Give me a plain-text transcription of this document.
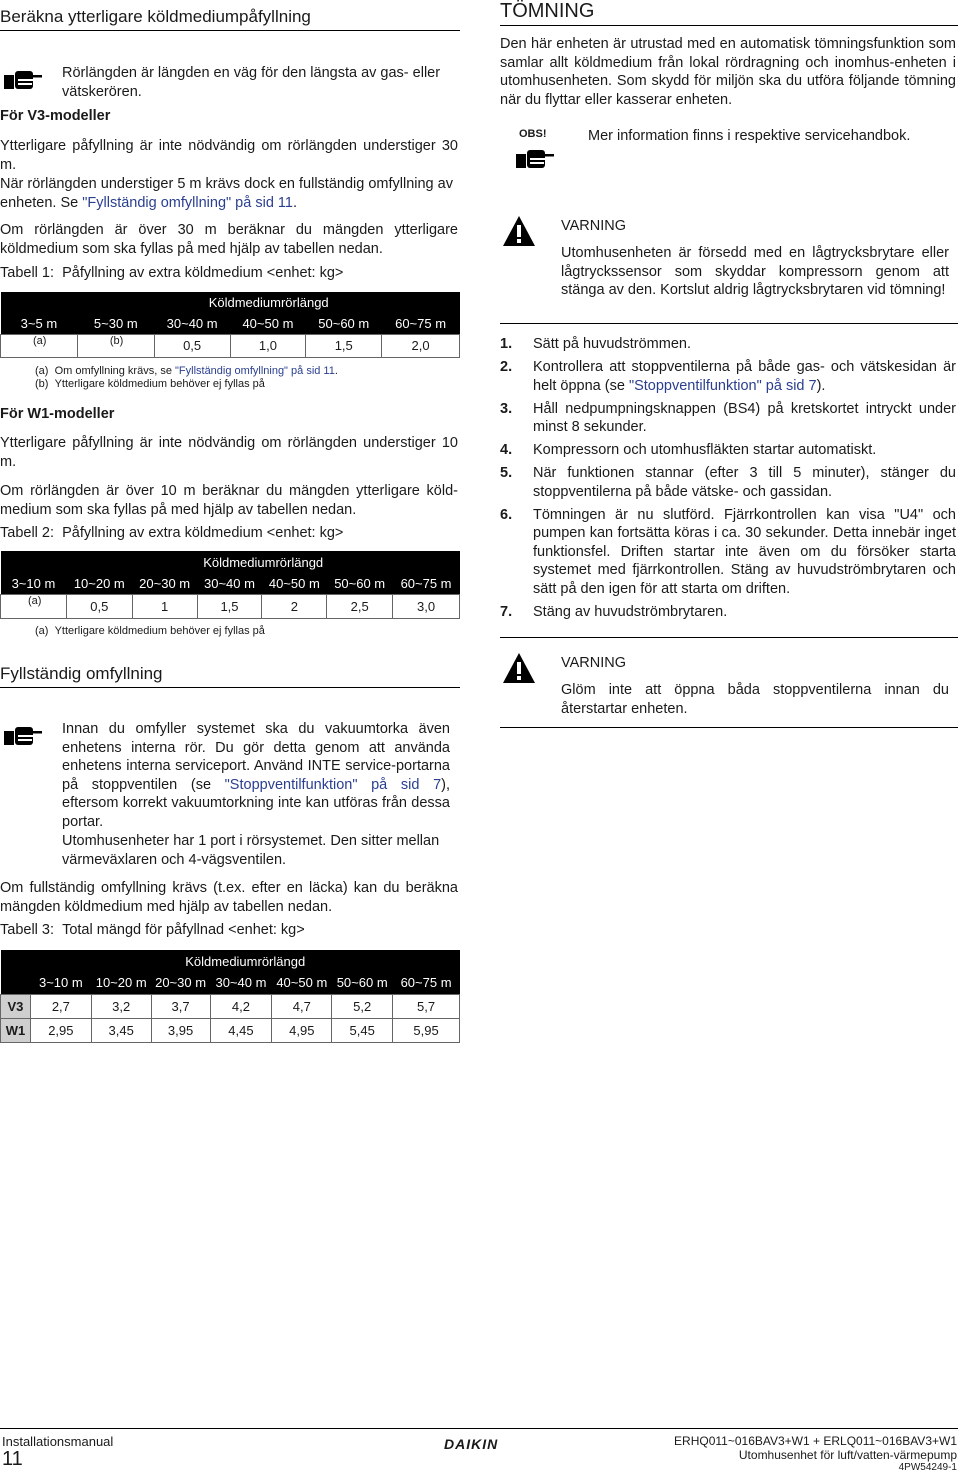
Beräkna ytterligare köldmediumpåfyllning

Rörlängden är längden en väg för den längsta av gas- eller vätskerören.

För V3-modeller

Ytterligare påfyllning är inte nödvändig om rörlängden understiger 30 m.

När rörlängden understiger 5 m krävs dock en fullständig omfyllning av enheten. Se "Fyllständig omfyllning" på sid 11.

Om rörlängden är över 30 m beräknar du mängden ytterligare köldmedium som ska fyllas på med hjälp av tabellen nedan.

Tabell 1: Påfyllning av extra köldmedium <enhet: kg>
	Köldmediumrörlängd				
3~5 m	5~30 m	30~40 m	40~50 m	50~60 m	60~75 m
(a)	(b)	0,5	1,0	1,5	2,0
(a) Om omfyllning krävs, se "Fyllständig omfyllning" på sid 11.
(b) Ytterligare köldmedium behöver ej fyllas på
För W1-modeller

Ytterligare påfyllning är inte nödvändig om rörlängden understiger 10 m.

Om rörlängden är över 10 m beräknar du mängden ytterligare köld-medium som ska fyllas på med hjälp av tabellen nedan.

Tabell 2: Påfyllning av extra köldmedium <enhet: kg>
	Köldmediumrörlängd					
3~10 m	10~20 m	20~30 m	30~40 m	40~50 m	50~60 m	60~75 m
(a)	0,5	1	1,5	2	2,5	3,0
(a) Ytterligare köldmedium behöver ej fyllas på
Fyllständig omfyllning

Innan du omfyller systemet ska du vakuumtorka även enhetens interna rör. Du gör detta genom att använda enhetens interna serviceport. Använd INTE service-portarna på stoppventilen (se "Stoppventilfunktion" på sid 7), eftersom korrekt vakuumtorkning inte kan utföras från dessa portar.

Utomhusenheter har 1 port i rörsystemet. Den sitter mellan värmeväxlaren och 4-vägsventilen.

Om fullständig omfyllning krävs (t.ex. efter en läcka) kan du beräkna mängden köldmedium med hjälp av tabellen nedan.

Tabell 3: Total mängd för påfyllnad <enhet: kg>
	Köldmediumrörlängd						
	3~10 m	10~20 m	20~30 m	30~40 m	40~50 m	50~60 m	60~75 m
V3	2,7	3,2	3,7	4,2	4,7	5,2	5,7
W1	2,95	3,45	3,95	4,45	4,95	5,45	5,95
TÖMNING

Den här enheten är utrustad med en automatisk tömningsfunktion som samlar allt köldmedium från lokal rördragning och inomhus-enheten i utomhusenheten. Som skydd för miljön ska du utföra följande tömning när du flyttar eller kasserar enheten.

OBS!	Mer information finns i respektive servicehandbok.

VARNING

Utomhusenheten är försedd med en lågtrycksbrytare eller lågtryckssensor som skyddar kompressorn genom att stänga av den. Kortslut aldrig lågtrycksbrytaren vid tömning!

1. Sätt på huvudströmmen.
2. Kontrollera att stoppventilerna på både gas- och vätskesidan är helt öppna (se "Stoppventilfunktion" på sid 7).
3. Håll nedpumpningsknappen (BS4) på kretskortet intryckt under minst 8 sekunder.
4. Kompressorn och utomhusfläkten startar automatiskt.
5. När funktionen stannar (efter 3 till 5 minuter), stänger du stoppventilerna på både vätske- och gassidan.
6. Tömningen är nu slutförd. Fjärrkontrollen kan visa "U4" och pumpen kan fortsätta köras i ca. 30 sekunder. Detta innebär inget funktionsfel. Driften startar inte även om du försöker starta systemet med fjärrkontrollen. Stäng av huvudströmbrytaren och sätt på den igen för att starta om driften.
7. Stäng av huvudströmbrytaren.
VARNING

Glöm inte att öppna båda stoppventilerna innan du återstartar enheten.

Installationsmanual
11
DAIKIN	ERHQ011~016BAV3+W1 + ERLQ011~016BAV3+W1
Utomhusenhet för luft/vatten-värmepump
4PW54249-1
